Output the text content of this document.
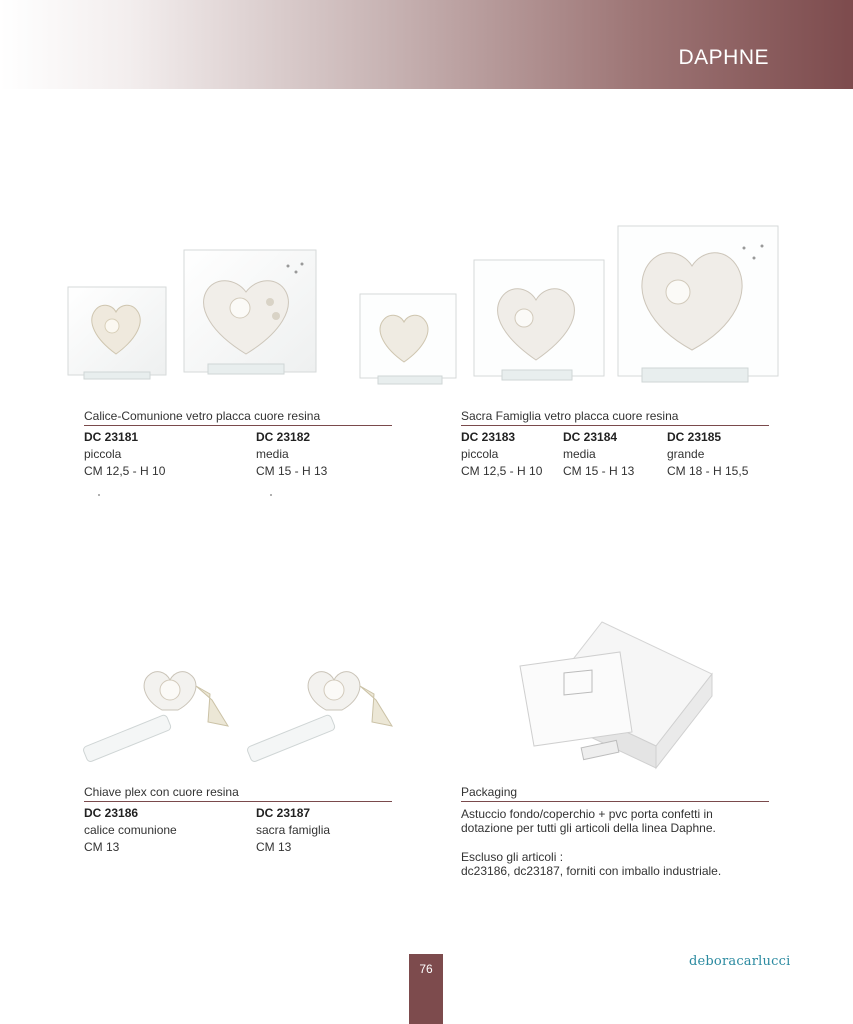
DAPHNE
Calice-Comunione vetro placca cuore resina
DC 23181
piccola
CM 12,5 - H 10
DC 23182
media
CM 15 - H 13
Sacra Famiglia vetro placca cuore resina
DC 23183
piccola
CM 12,5 - H 10
DC 23184
media
CM 15 - H 13
DC 23185
grande
CM 18 - H 15,5
Chiave plex con cuore resina
DC 23186
calice comunione
CM 13
DC 23187
sacra famiglia
CM 13
Packaging
Astuccio fondo/coperchio + pvc porta confetti in dotazione per tutti gli articoli della linea Daphne.
Escluso gli articoli :
dc23186, dc23187, forniti con imballo industriale.
76	deboracarlucci
